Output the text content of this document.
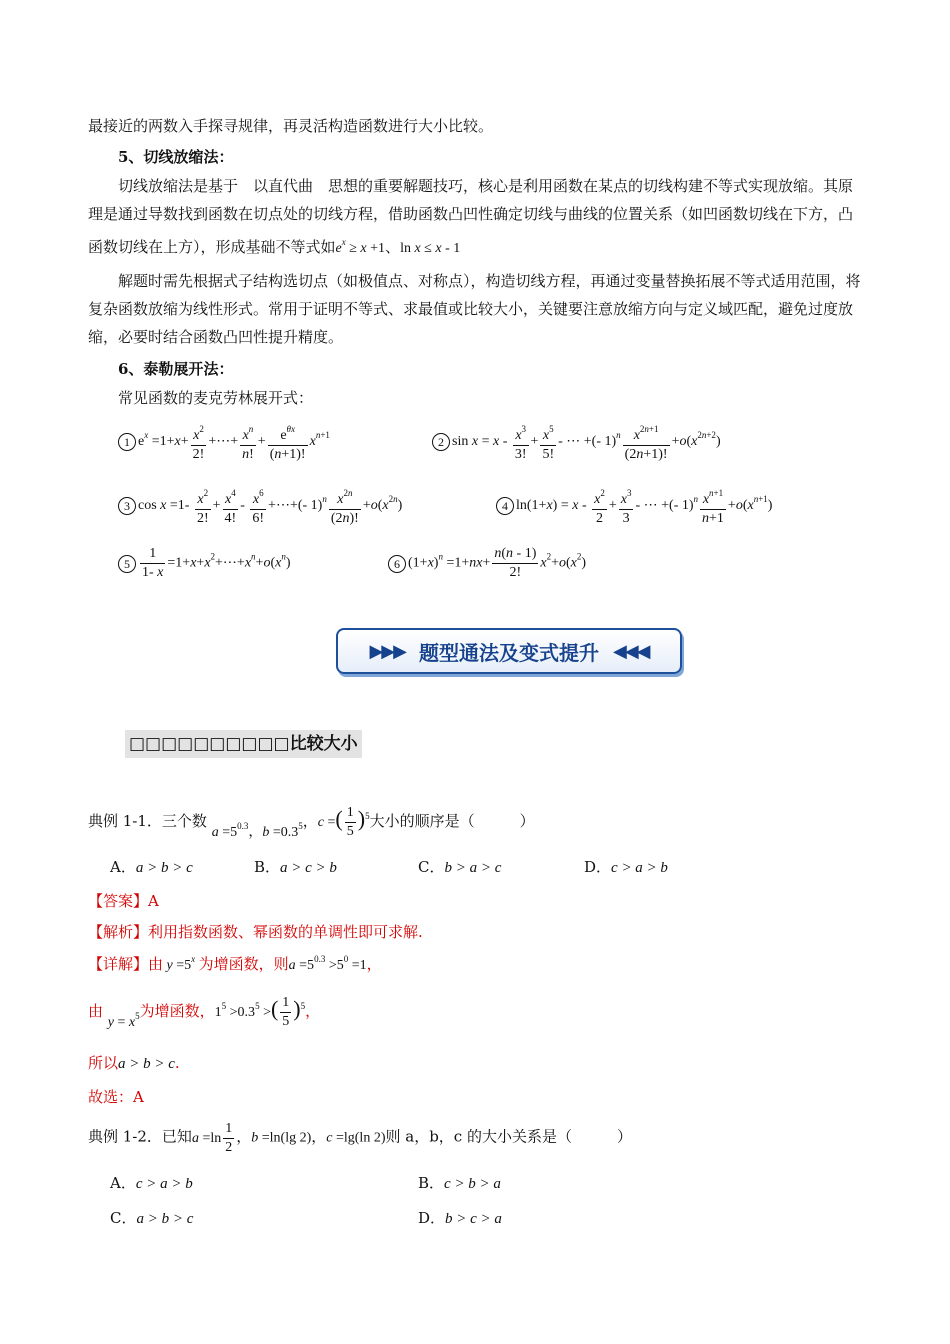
最接近的两数入手探寻规律，再灵活构造函数进行大小比较。
5、切线放缩法：
切线放缩法是基于　以直代曲　思想的重要解题技巧，核心是利用函数在某点的切线构建不等式实现放缩。其原理是通过导数找到函数在切点处的切线方程，借助函数凸凹性确定切线与曲线的位置关系（如凹函数切线在下方，凸函数切线在上方），形成基础不等式如$e^x \ge x +1$、ln x ≤ x - 1
解题时需先根据式子结构选切点（如极值点、对称点），构造切线方程，再通过变量替换拓展不等式适用范围，将复杂函数放缩为线性形式。常用于证明不等式、求最值或比较大小，关键要注意放缩方向与定义域匹配，避免过度放缩，必要时结合函数凸凹性提升精度。
6、泰勒展开法：
常见函数的麦克劳林展开式：
1 $e^x =1+x+ \frac{x^2}{2!}$ +⋯+ $\frac{x^n}{n!} + \frac{e^{\theta x}}{(n+1)!} x^{n+1}$	2 $\sin x = x - \frac{x^3}{3!} + \frac{x^5}{5!}$ - ⋯ +(- $1)^n \frac{x^{2n+1}}{(2n+1)!} +o(x^{2n+2})$
3 $\cos x =1- \frac{x^2}{2!} + \frac{x^4}{4!} - \frac{x^6}{6!}$ +⋯+(- $1)^n \frac{x^{2n}}{(2n)!} +o(x^{2n})$	4 $\ln(1+x) = x - \frac{x^2}{2} + \frac{x^3}{3}$ - ⋯ +(- $1)^n \frac{x^{n+1}}{n+1} +o(x^{n+1})$
$5 \frac{1}{1- x}$ $=1+x+x^2+\cdots+x^n+o(x^n)$	6 $(1+x)^n =1+nx+ \frac{n(n - 1)}{2!} x^2+o(x^2)$
▶▶▶ 题型通法及变式提升 ◀◀◀
□□□□□□□□□□比较大小
典例 1-1．三个数 $a =5^{0.3}$，$b =0.3^5$，c =( $\frac{1}{5} )^5$大小的顺序是（　　　）
A．a > b > c	B．a > c > b	C．b > a > c	D．c > a > b
【答案】A
【解析】利用指数函数、幂函数的单调性即可求解.
【详解】由 $y =5^x$ 为增函数，则$a =5^{0.3} >5^0 =1$，
由 $y = x^5$为增函数，$1^5 >0.3^5$ >( $\frac{1}{5} )^5$，
所以a > b > c.
故选：A
典例 1-2．已知$a =\ln \frac{1}{2}$ ，b =ln(lg 2)，c =lg(ln 2)则 a，b，c 的大小关系是（　　　）
A．c > a > b	B．c > b > a
C．a > b > c	D．b > c > a
